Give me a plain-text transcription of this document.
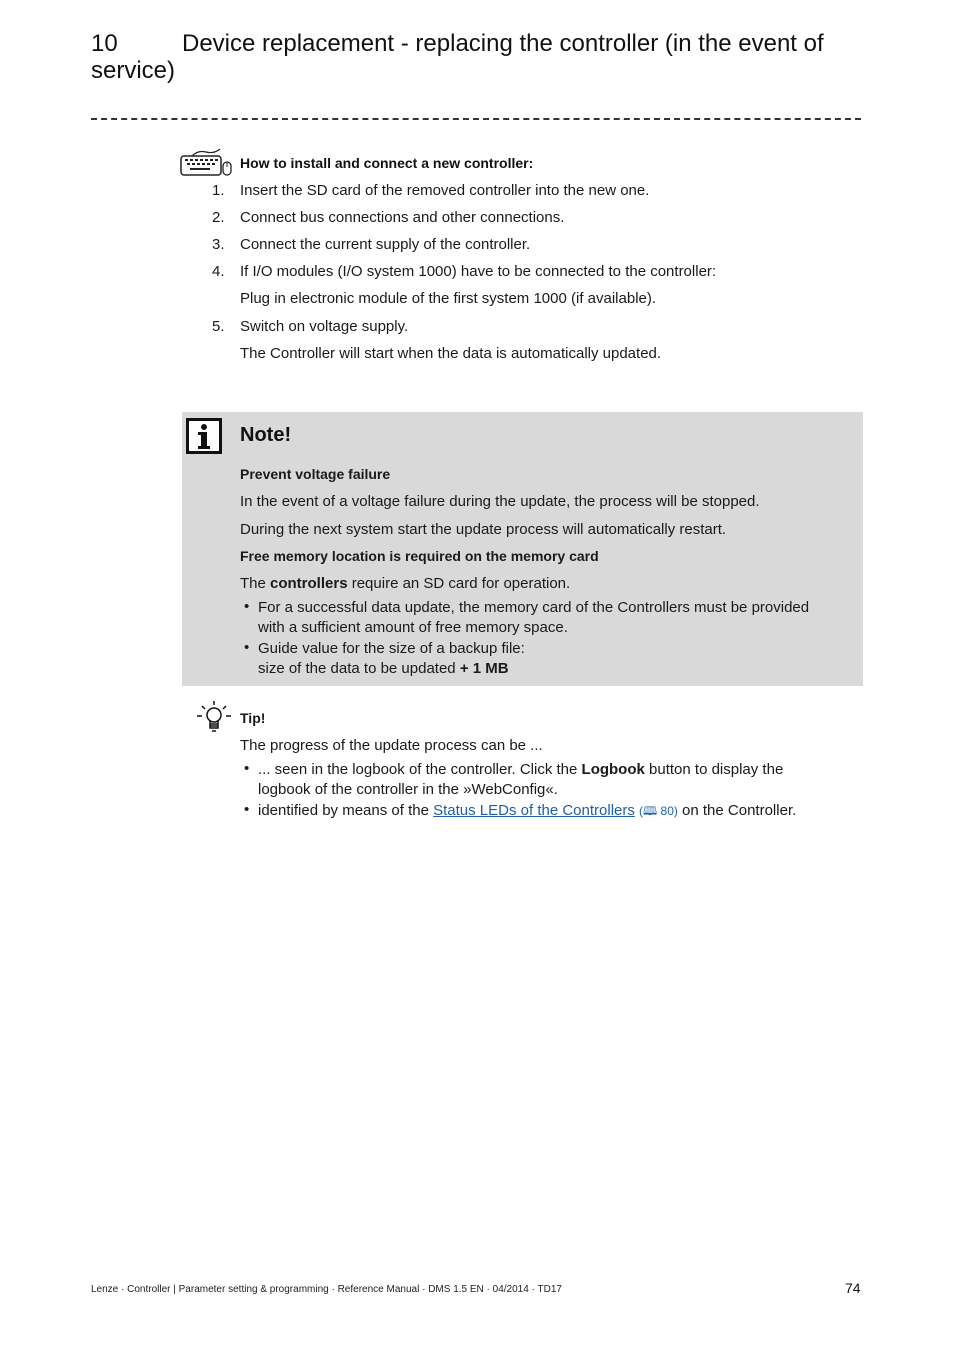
10	Device replacement - replacing the controller (in the event of
service)
How to install and connect a new controller:
1.	Insert the SD card of the removed controller into the new one.
2.	Connect bus connections and other connections.
3.	Connect the current supply of the controller.
4.	If I/O modules (I/O system 1000) have to be connected to the controller:
Plug in electronic module of the first system 1000 (if available).
5.	Switch on voltage supply.
The Controller will start when the data is automatically updated.
Note!
Prevent voltage failure
In the event of a voltage failure during the update, the process will be stopped.
During the next system start the update process will automatically restart.
Free memory location is required on the memory card
The controllers require an SD card for operation.
• For a successful data update, the memory card of the Controllers must be provided
with a sufficient amount of free memory space.
• Guide value for the size of a backup file:
size of the data to be updated + 1 MB
Tip!
The progress of the update process can be ...
• ... seen in the logbook of the controller. Click the Logbook button to display the
logbook of the controller in the »WebConfig«.
• identified by means of the Status LEDs of the Controllers (🕮 80) on the Controller.
Lenze · Controller | Parameter setting & programming · Reference Manual · DMS 1.5 EN · 04/2014 · TD17	74
